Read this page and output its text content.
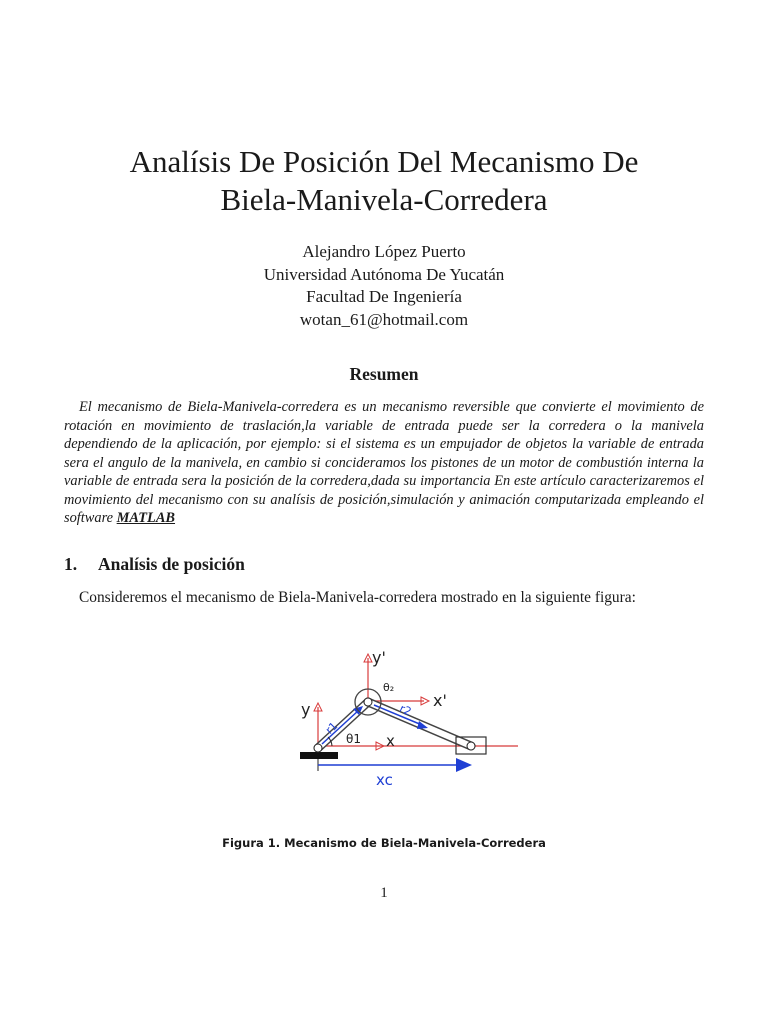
Analísis De Posición Del Mecanismo De
Biela-Manivela-Corredera
Alejandro López Puerto
Universidad Autónoma De Yucatán
Facultad De Ingeniería
wotan_61@hotmail.com
Resumen

El mecanismo de Biela-Manivela-corredera es un mecanismo reversible que convierte el movimiento de rotación en movimiento de traslación,la variable de entrada puede ser la corredera o la manivela dependiendo de la aplicación, por ejemplo: si el sistema es un empujador de objetos la variable de entrada sera el angulo de la manivela, en cambio si concideramos los pistones de un motor de combustión interna la variable de entrada sera la posición de la corredera,dada su importancia En este artículo caracterizaremos el movimiento del mecanismo con su analísis de posición,simulación y animación computarizada empleando el software MATLAB

1. Analísis de posición
Consideremos el mecanismo de Biela-Manivela-corredera mostrado en la siguiente figura:
y'
θ₂
x'
y
r1
r2
θ1 x
xc
Figura 1. Mecanismo de Biela-Manivela-Corredera
1
